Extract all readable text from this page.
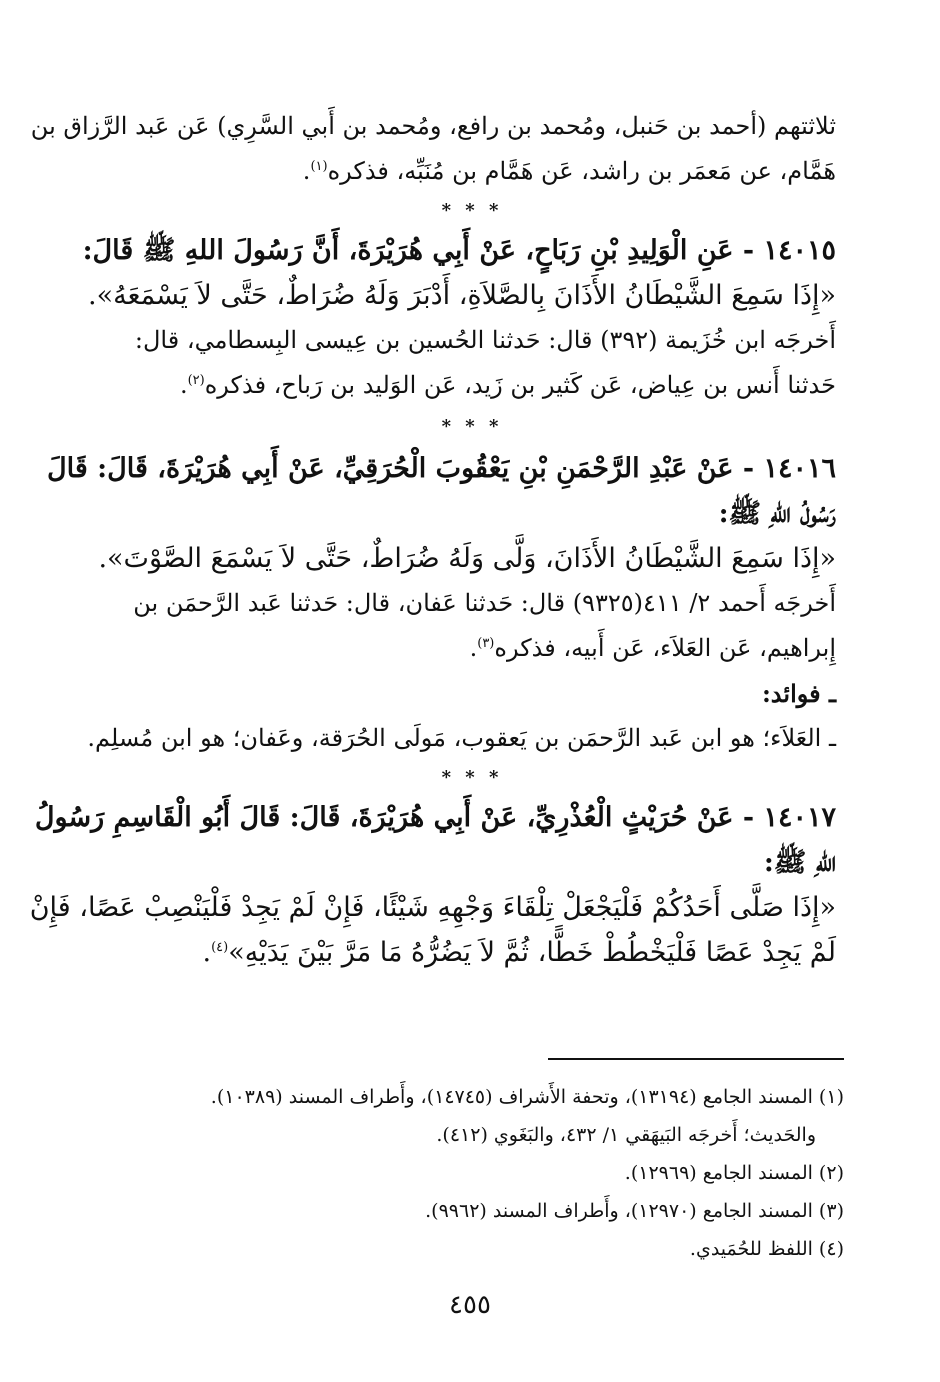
ثلاثتهم (أحمد بن حَنبل، ومُحمد بن رافع، ومُحمد بن أَبي السَّرِي) عَن عَبد الرَّزاق بن
هَمَّام، عن مَعمَر بن راشد، عَن هَمَّام بن مُنَبِّه، فذكره$^{(١)}$.
* * *
١٤٠١٥ - عَنِ الْوَلِيدِ بْنِ رَبَاحٍ، عَنْ أَبِي هُرَيْرَةَ، أَنَّ رَسُولَ اللهِ ﷺ قَالَ:
«إِذَا سَمِعَ الشَّيْطَانُ الأَذَانَ بِالصَّلاَةِ، أَدْبَرَ وَلَهُ ضُرَاطٌ، حَتَّى لاَ يَسْمَعَهُ».
أَخرجَه ابن خُزَيمة (٣٩٢) قال: حَدثنا الحُسين بن عِيسى البِسطامي، قال:
حَدثنا أَنس بن عِياض، عَن كَثير بن زَيد، عَن الوَليد بن رَباح، فذكره$^{(٢)}$.
* * *
١٤٠١٦ - عَنْ عَبْدِ الرَّحْمَنِ بْنِ يَعْقُوبَ الْحُرَقِيِّ، عَنْ أَبِي هُرَيْرَةَ، قَالَ: قَالَ
رَسُولُ اللهِ ﷺ:
«إِذَا سَمِعَ الشَّيْطَانُ الأَذَانَ، وَلَّى وَلَهُ ضُرَاطٌ، حَتَّى لاَ يَسْمَعَ الصَّوْتَ».
أَخرجَه أَحمد ٢/ ٤١١(٩٣٢٥) قال: حَدثنا عَفان، قال: حَدثنا عَبد الرَّحمَن بن
إِبراهيم، عَن العَلاَء، عَن أَبيه، فذكره$^{(٣)}$.
ـ فوائد:
ـ العَلاَء؛ هو ابن عَبد الرَّحمَن بن يَعقوب، مَولَى الحُرَقة، وعَفان؛ هو ابن مُسلِم.
* * *
١٤٠١٧ - عَنْ حُرَيْثٍ الْعُذْرِيِّ، عَنْ أَبِي هُرَيْرَةَ، قَالَ: قَالَ أَبُو الْقَاسِمِ رَسُولُ
اللهِ ﷺ:
«إِذَا صَلَّى أَحَدُكُمْ فَلْيَجْعَلْ تِلْقَاءَ وَجْهِهِ شَيْئًا، فَإِنْ لَمْ يَجِدْ فَلْيَنْصِبْ عَصًا، فَإِنْ
لَمْ يَجِدْ عَصًا فَلْيَخْطُطْ خَطًّا، ثُمَّ لاَ يَضُرُّهُ مَا مَرَّ بَيْنَ يَدَيْهِ»$^{(٤)}$.
(١) المسند الجامع (١٣١٩٤)، وتحفة الأَشراف (١٤٧٤٥)، وأَطراف المسند (١٠٣٨٩).
والحَديث؛ أَخرجَه البَيهَقي ١/ ٤٣٢، والبَغَوي (٤١٢).
(٢) المسند الجامع (١٢٩٦٩).
(٣) المسند الجامع (١٢٩٧٠)، وأَطراف المسند (٩٩٦٢).
(٤) اللفظ للحُمَيدي.
٤٥٥
